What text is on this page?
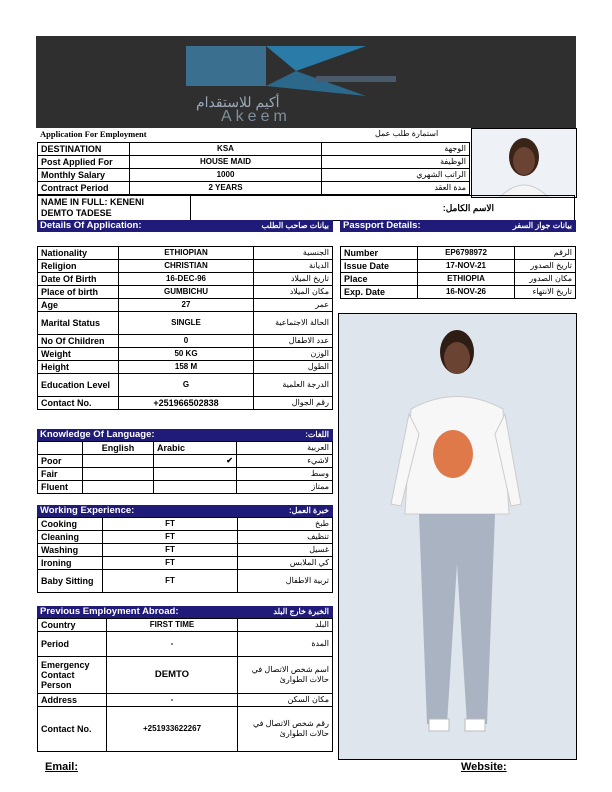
أكيم للاستقدام
Akeem
Application For Employment	استمارة طلب عمل
DESTINATION	KSA	الوجهة
Post Applied For	HOUSE MAID	الوظيفة
Monthly Salary	1000	الراتب الشهري
Contract Period	2 YEARS	مدة العقد
NAME IN FULL: KENENI
DEMTO TADESE	الاسم الكامل:
Details Of Application:	بيانات صاحب الطلب	Passport Details:	بيانات جواز السفر
Nationality	ETHIOPIAN	الجنسية
Religion	CHRISTIAN	الديانة
Date Of Birth	16-DEC-96	تاريخ الميلاد
Place of birth	GUMBICHU	مكان الميلاد
Age	27	عمر
Marital Status	SINGLE	الحالة الاجتماعية
No Of Children	0	عدد الاطفال
Weight	50 KG	الوزن
Height	158 M	الطول
Education Level	G	الدرجة العلمية
Contact No.	+251966502838	رقم الجوال
Number	EP6798972	الرقم
Issue Date	17-NOV-21	تاريخ الصدور
Place	ETHIOPIA	مكان الصدور
Exp. Date	16-NOV-26	تاريخ الانتهاء
Knowledge Of Language:	اللغات:
	English	Arabic	العربية
Poor		✔	لاشيء
Fair			وسط
Fluent			ممتاز
Working Experience:	خبرة العمل:
Cooking	FT	طبخ
Cleaning	FT	تنظيف
Washing	FT	غسيل
Ironing	FT	كي الملابس
Baby Sitting	FT	تربية الاطفال
Previous Employment Abroad:	الخبرة خارج البلد
Country	FIRST TIME	البلد
Period	-	المدة
Emergency Contact Person	DEMTO	اسم شخص الاتصال في حالات الطوارئ
Address	-	مكان السكن
Contact No.	+251933622267	رقم شخص الاتصال في حالات الطوارئ
Email:	Website:
